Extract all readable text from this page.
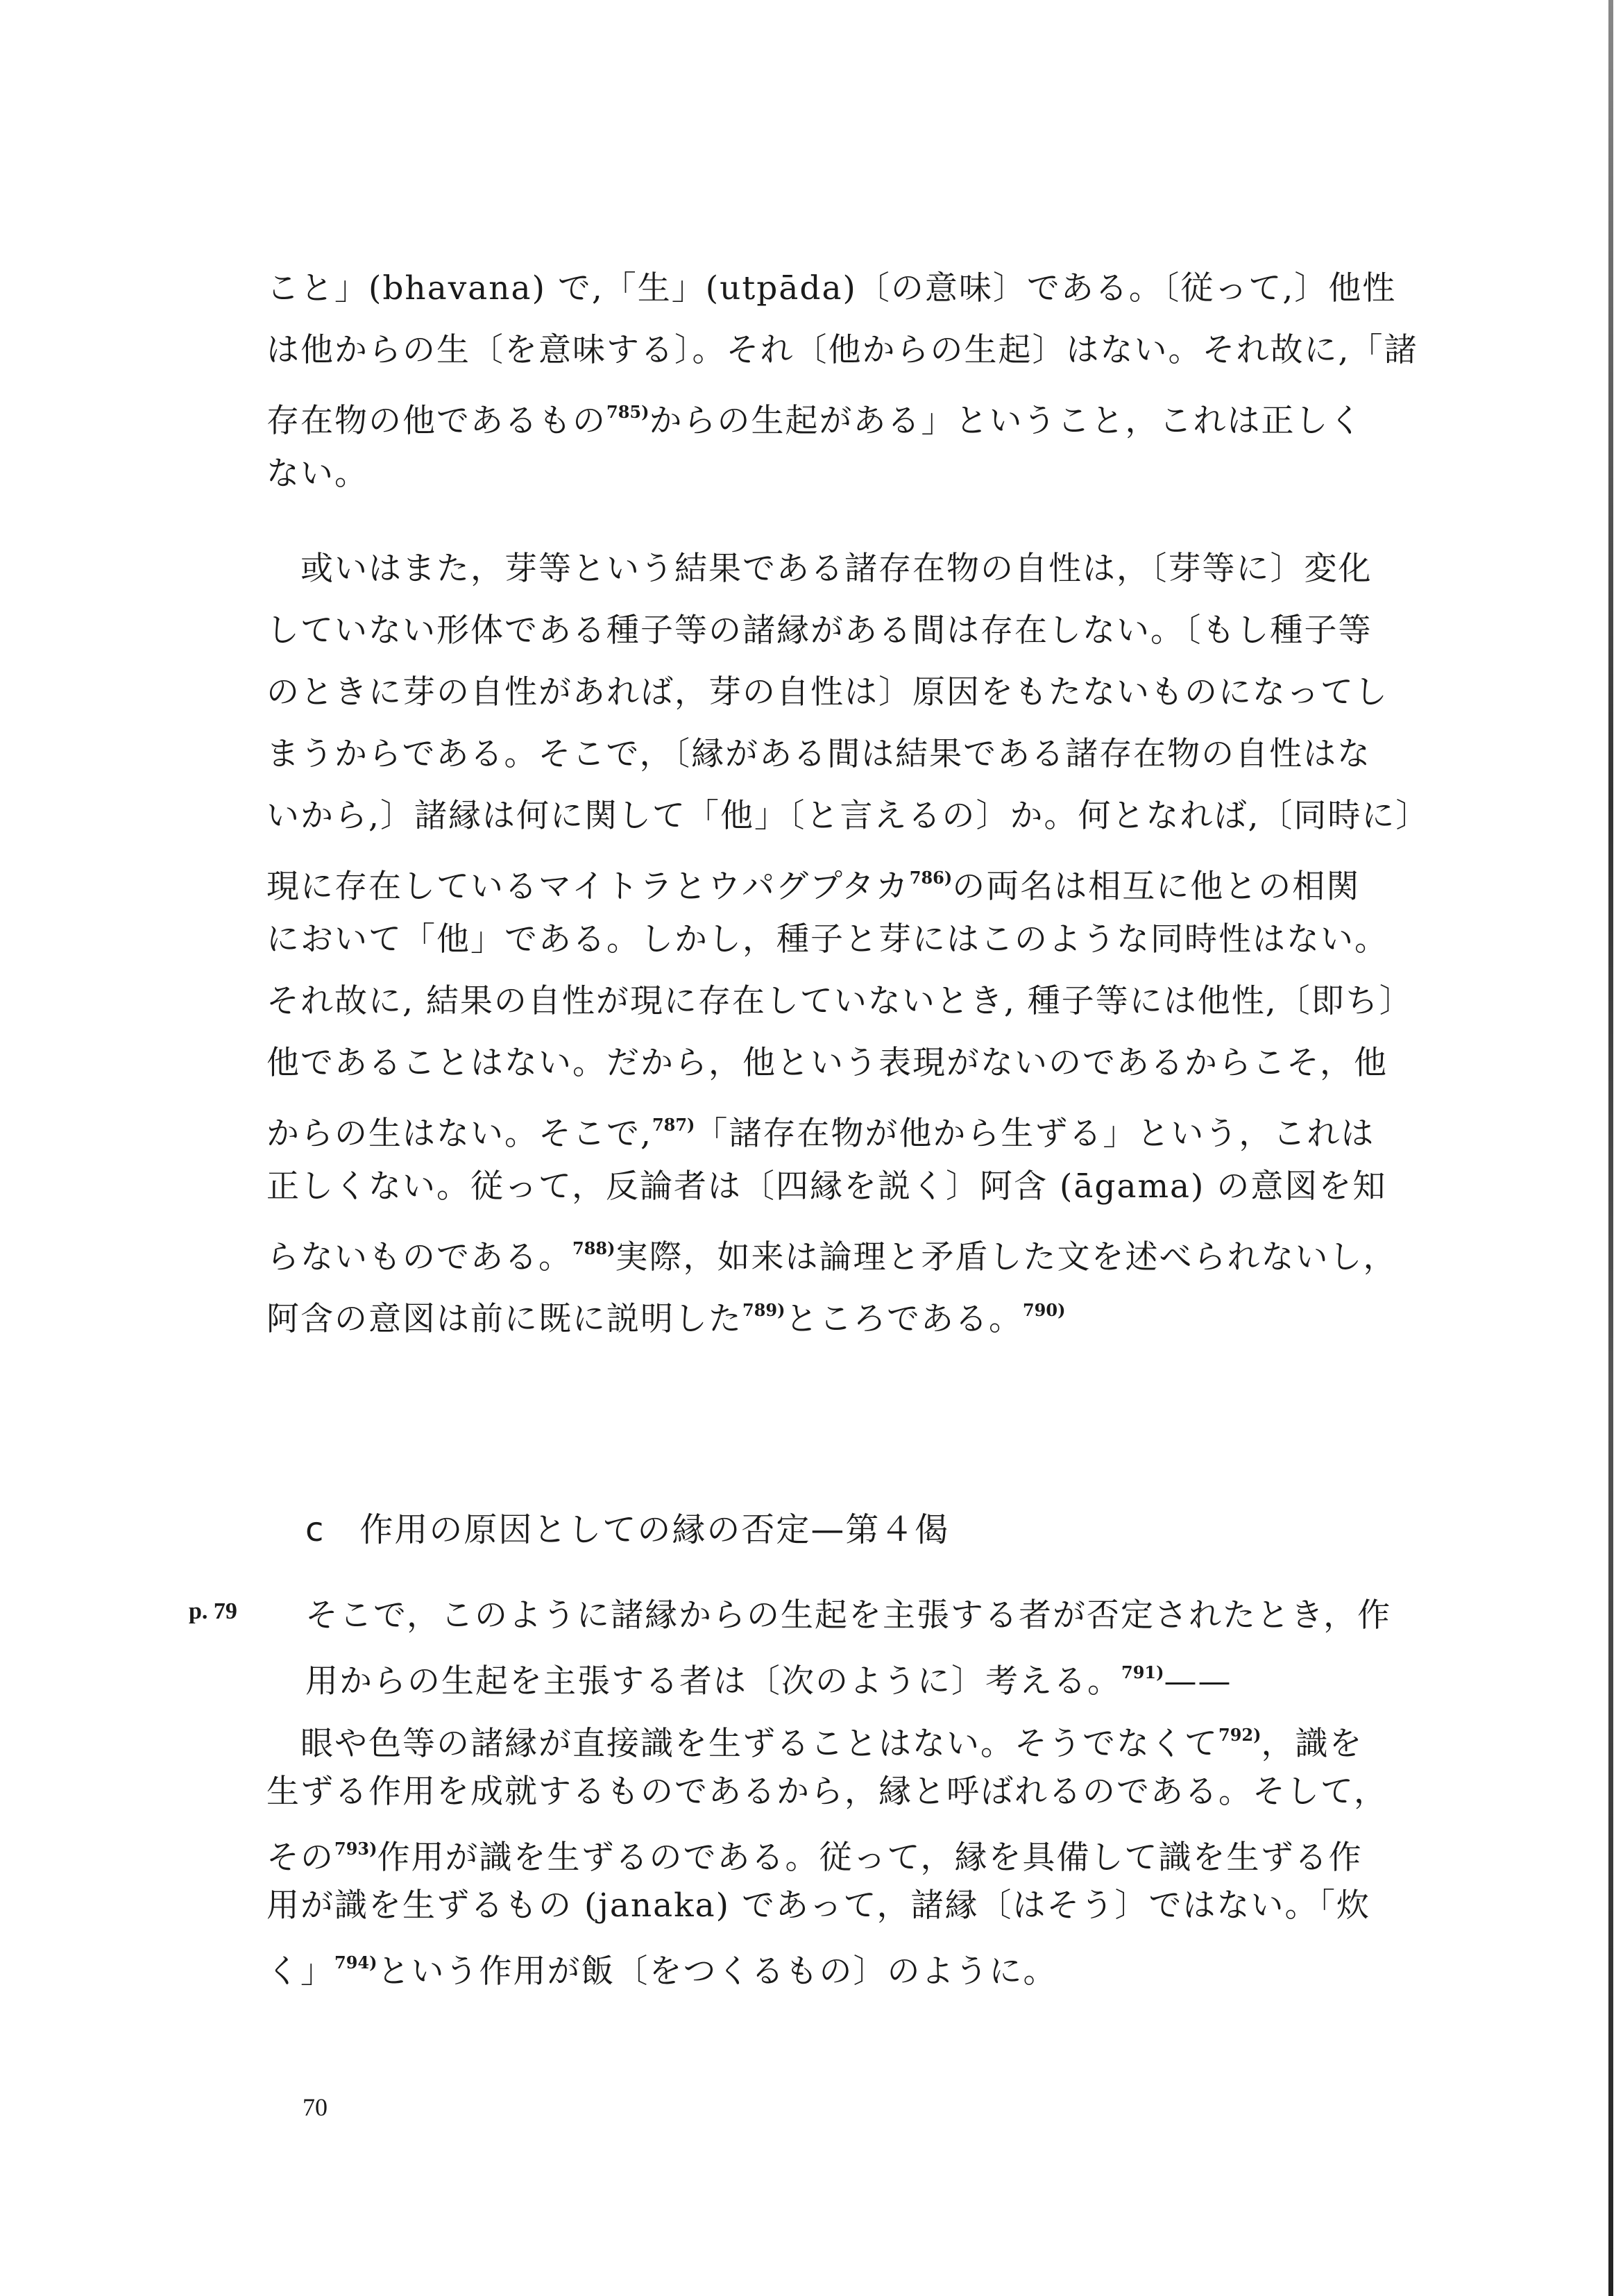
こと」(bhavana) で,「生」(utpāda)〔の意味〕である。〔従って,〕他性
は他からの生〔を意味する〕。それ〔他からの生起〕はない。それ故に,「諸
存在物の他であるもの$^{785)}$からの生起がある」ということ，これは正しく
ない。
　或いはまた，芽等という結果である諸存在物の自性は，〔芽等に〕変化
していない形体である種子等の諸縁がある間は存在しない。〔もし種子等
のときに芽の自性があれば，芽の自性は〕原因をもたないものになってし
まうからである。そこで，〔縁がある間は結果である諸存在物の自性はな
いから,〕諸縁は何に関して「他」〔と言えるの〕か。何となれば,〔同時に〕
現に存在しているマイトラとウパグプタカ$^{786)}$の両名は相互に他との相関
において「他」である。しかし，種子と芽にはこのような同時性はない。
それ故に, 結果の自性が現に存在していないとき, 種子等には他性,〔即ち〕
他であることはない。だから，他という表現がないのであるからこそ，他
からの生はない。そこで,$^{787)}$「諸存在物が他から生ずる」という，これは
正しくない。従って，反論者は〔四縁を説く〕阿含 (āgama) の意図を知
らないものである。$^{788)}$実際，如来は論理と矛盾した文を述べられないし，
阿含の意図は前に既に説明した$^{789)}$ところである。$^{790)}$
そこで，このように諸縁からの生起を主張する者が否定されたとき，作
用からの生起を主張する者は〔次のように〕考える。$^{791)}$——
　眼や色等の諸縁が直接識を生ずることはない。そうでなくて$^{792)}$，識を
生ずる作用を成就するものであるから，縁と呼ばれるのである。そして，
その$^{793)}$作用が識を生ずるのである。従って，縁を具備して識を生ずる作
用が識を生ずるもの (janaka) であって，諸縁〔はそう〕ではない。「炊
く」$^{794)}$という作用が飯〔をつくるもの〕のように。
c　作用の原因としての縁の否定—第４偈
p. 79
70
